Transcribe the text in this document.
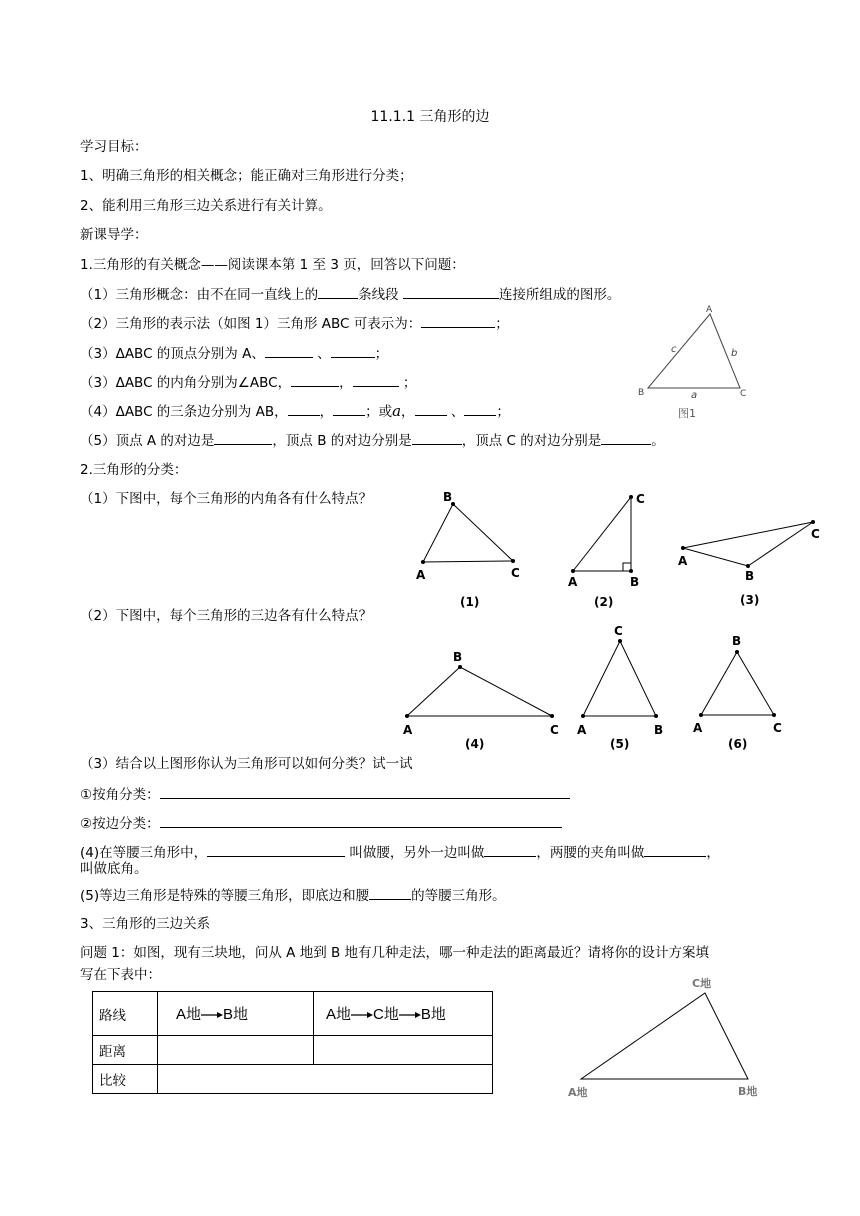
11.1.1 三角形的边
学习目标：
1、明确三角形的相关概念；能正确对三角形进行分类；
2、能利用三角形三边关系进行有关计算。
新课导学：
1.三角形的有关概念——阅读课本第 1 至 3 页，回答以下问题：
（1）三角形概念：由不在同一直线上的	条线段	连接所组成的图形。
（2）三角形的表示法（如图 1）三角形 ABC 可表示为：	；
（3）ΔABC 的顶点分别为 A、	、	；
（3）ΔABC 的内角分别为∠ABC，	，	；
（4）ΔABC 的三条边分别为 AB， ， ；或a，	、 ；
（5）顶点 A 的对边是	，顶点 B 的对边分别是	，顶点 C 的对边分别是	。
A
B	C
c	b
a
图1
2.三角形的分类：
（1）下图中，每个三角形的内角各有什么特点？	B
A	C
(1)
C
A	B
(2)
C
A
B
(3)
（2）下图中，每个三角形的三边各有什么特点？
B
A	C
(4)
C
A	B
(5)
B
A	C
(6)
（3）结合以上图形你认为三角形可以如何分类？试一试
①按角分类：
②按边分类：
(4)在等腰三角形中，	叫做腰，另外一边叫做	，两腰的夹角叫做	，
叫做底角。
(5)等边三角形是特殊的等腰三角形，即底边和腰	的等腰三角形。
3、三角形的三边关系
问题 1：如图，现有三块地，问从 A 地到 B 地有几种走法，哪一种走法的距离最近？请将你的设计方案填
写在下表中：
路线	A地 B地	A地 C地 B地
距离		
比较		
C地
A地	B地
